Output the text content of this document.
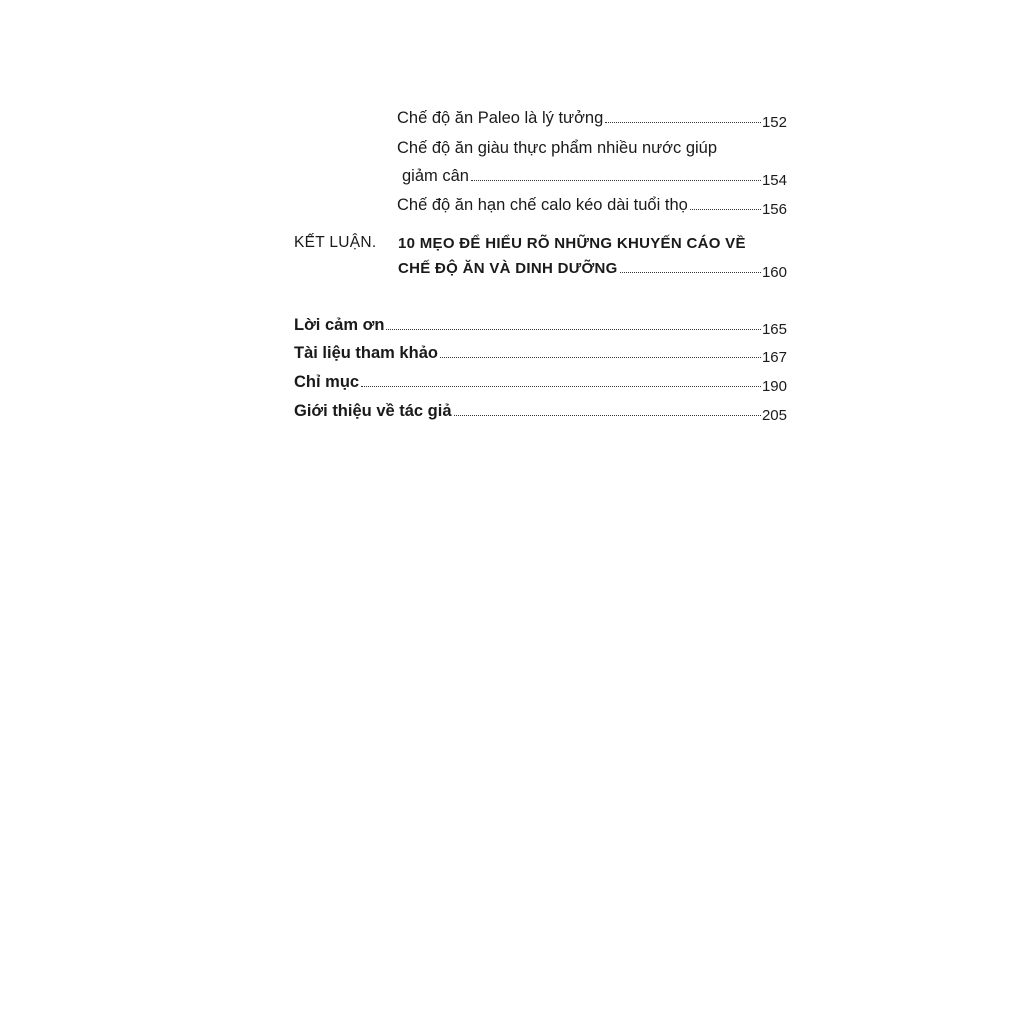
Chế độ ăn Paleo là lý tưởng	152
Chế độ ăn giàu thực phẩm nhiều nước giúp
giảm cân	154
Chế độ ăn hạn chế calo kéo dài tuổi thọ	156
KẾT LUẬN. 10 MẸO ĐỂ HIỂU RÕ NHỮNG KHUYẾN CÁO VỀ
CHẾ ĐỘ ĂN VÀ DINH DƯỠNG	160
Lời cảm ơn	165
Tài liệu tham khảo	167
Chỉ mục	190
Giới thiệu về tác giả	205
